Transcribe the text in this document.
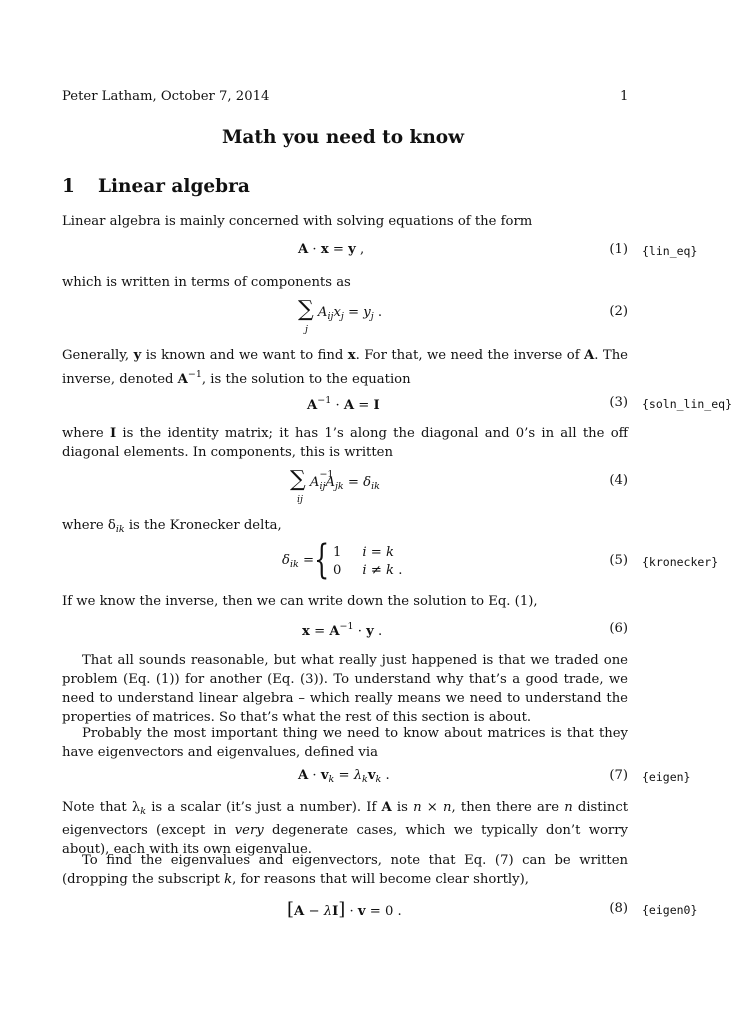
Peter Latham, October 7, 2014	1
Math you need to know
1 Linear algebra
Linear algebra is mainly concerned with solving equations of the form
A · x = y ,	(1) {lin_eq}
which is written in terms of components as
∑ $A_{ij}x_j = y_j$ .
j
(2)
Generally, y is known and we want to find x. For that, we need the inverse of A. The inverse, denoted $A^{-1}$, is the solution to the equation
$A^{-1} \cdot A = I$	(3) {soln_lin_eq}
where I is the identity matrix; it has 1’s along the diagonal and 0’s in all the off diagonal elements. In components, this is written
∑ A
$_{-1 ij}A_{jk} = \delta_{ik}$
ij
(4)
where $\delta_{ik}$ is the Kronecker delta,
$\delta_{ik}$ = { 1     i = k
0     i ≠ k .
(5) {kronecker}
If we know the inverse, then we can write down the solution to Eq. (1),
$x = A^{-1} \cdot y$ .	(6)
That all sounds reasonable, but what really just happened is that we traded one problem (Eq. (1)) for another (Eq. (3)). To understand why that’s a good trade, we need to understand linear algebra – which really means we need to understand the properties of matrices. So that’s what the rest of this section is about.
Probably the most important thing we need to know about matrices is that they have eigenvectors and eigenvalues, defined via
$A \cdot v_k = \lambda_kv_k$ .	(7) {eigen}
Note that $\lambda_k$ is a scalar (it’s just a number). If A is n × n, then there are n distinct eigenvectors (except in very degenerate cases, which we typically don’t worry about), each with its own eigenvalue.
To find the eigenvalues and eigenvectors, note that Eq. (7) can be written (dropping the subscript k, for reasons that will become clear shortly),
[A − λI] · v = 0 .	(8) {eigen0}
